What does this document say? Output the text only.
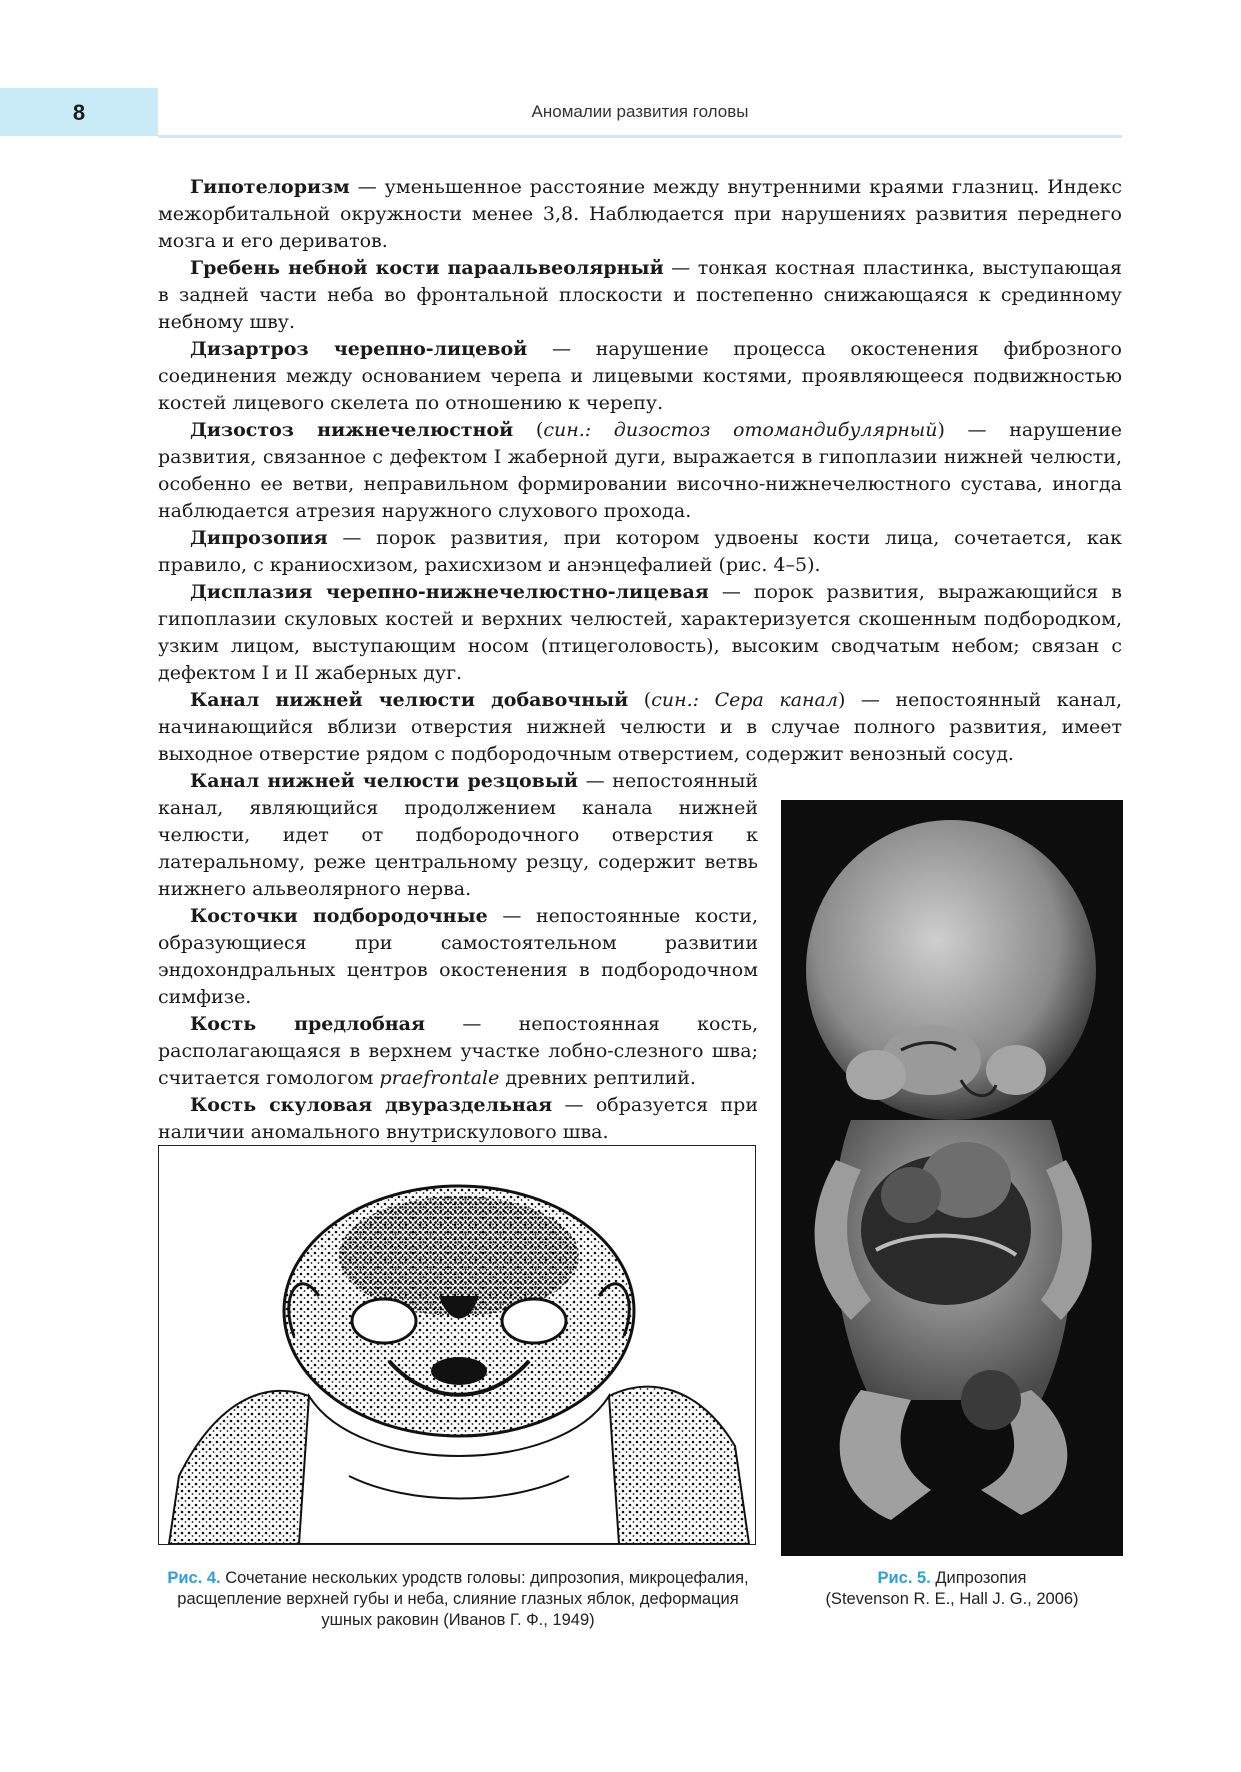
8	Аномалии развития головы

Гипотелоризм — уменьшенное расстояние между внутренними краями глазниц. Индекс межорбитальной окружности менее 3,8. Наблюдается при нарушениях развития переднего мозга и его дериватов.

Гребень небной кости параальвеолярный — тонкая костная пластинка, выступающая в задней части неба во фронтальной плоскости и постепенно снижающаяся к срединному небному шву.

Дизартроз черепно-лицевой — нарушение процесса окостенения фиброзного соединения между основанием черепа и лицевыми костями, проявляющееся подвижностью костей лицевого скелета по отношению к черепу.

Дизостоз нижнечелюстной (син.: дизостоз отомандибулярный) — нарушение развития, связанное с дефектом I жаберной дуги, выражается в гипоплазии нижней челюсти, особенно ее ветви, неправильном формировании височно-нижнечелюстного сустава, иногда наблюдается атрезия наружного слухового прохода.

Дипрозопия — порок развития, при котором удвоены кости лица, сочетается, как правило, с краниосхизом, рахисхизом и анэнцефалией (рис. 4–5).

Дисплазия черепно-нижнечелюстно-лицевая — порок развития, выражающийся в гипоплазии скуловых костей и верхних челюстей, характеризуется скошенным подбородком, узким лицом, выступающим носом (птицеголовость), высоким сводчатым небом; связан с дефектом I и II жаберных дуг.

Канал нижней челюсти добавочный (син.: Сера канал) — непостоянный канал, начинающийся вблизи отверстия нижней челюсти и в случае полного развития, имеет выходное отверстие рядом с подбородочным отверстием, содержит венозный сосуд.

Канал нижней челюсти резцовый — непостоянный канал, являющийся продолжением канала нижней челюсти, идет от подбородочного отверстия к латеральному, реже центральному резцу, содержит ветвь нижнего альвеолярного нерва.

Косточки подбородочные — непостоянные кости, образующиеся при самостоятельном развитии эндохондральных центров окостенения в подбородочном симфизе.

Кость предлобная — непостоянная кость, располагающаяся в верхнем участке лобно-слезного шва; считается гомологом praefrontale древних рептилий.

Кость скуловая двураздельная — образуется при наличии аномального внутрискулового шва.

Рис. 4. Сочетание нескольких уродств головы: дипрозопия, микроцефалия, расщепление верхней губы и неба, слияние глазных яблок, деформация ушных раковин (Иванов Г. Ф., 1949)
Рис. 5. Дипрозопия
(Stevenson R. E., Hall J. G., 2006)
